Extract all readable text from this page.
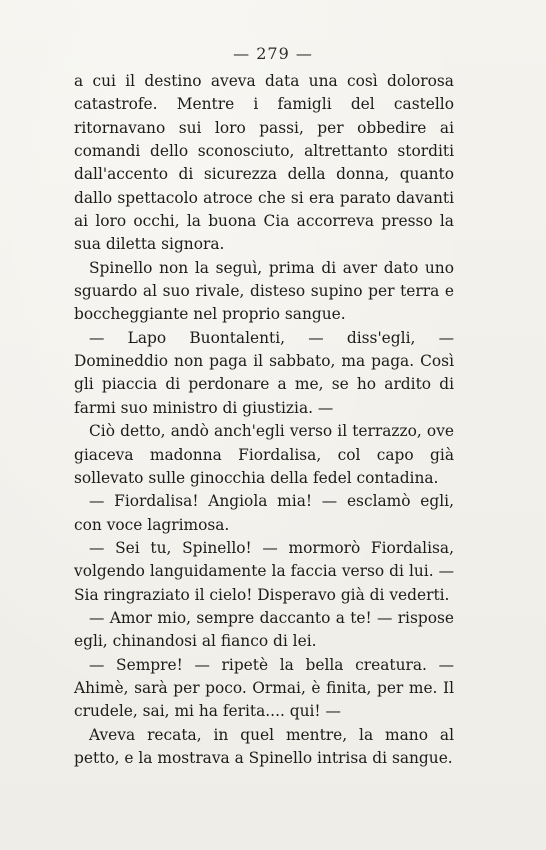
— 279 —

a cui il destino aveva data una così dolorosa catastrofe. Mentre i famigli del castello ritornavano sui loro passi, per obbedire ai comandi dello sconosciuto, altrettanto storditi dall'accento di sicurezza della donna, quanto dallo spettacolo atroce che si era parato davanti ai loro occhi, la buona Cia accorreva presso la sua diletta signora.

Spinello non la seguì, prima di aver dato uno sguardo al suo rivale, disteso supino per terra e boccheggiante nel proprio sangue.

— Lapo Buontalenti, — diss'egli, — Domineddio non paga il sabbato, ma paga. Così gli piaccia di perdonare a me, se ho ardito di farmi suo ministro di giustizia. —

Ciò detto, andò anch'egli verso il terrazzo, ove giaceva madonna Fiordalisa, col capo già sollevato sulle ginocchia della fedel contadina.

— Fiordalisa! Angiola mia! — esclamò egli, con voce lagrimosa.

— Sei tu, Spinello! — mormorò Fiordalisa, volgendo languidamente la faccia verso di lui. — Sia ringraziato il cielo! Disperavo già di vederti.

— Amor mio, sempre daccanto a te! — rispose egli, chinandosi al fianco di lei.

— Sempre! — ripetè la bella creatura. — Ahimè, sarà per poco. Ormai, è finita, per me. Il crudele, sai, mi ha ferita.... qui! —

Aveva recata, in quel mentre, la mano al petto, e la mostrava a Spinello intrisa di sangue.
